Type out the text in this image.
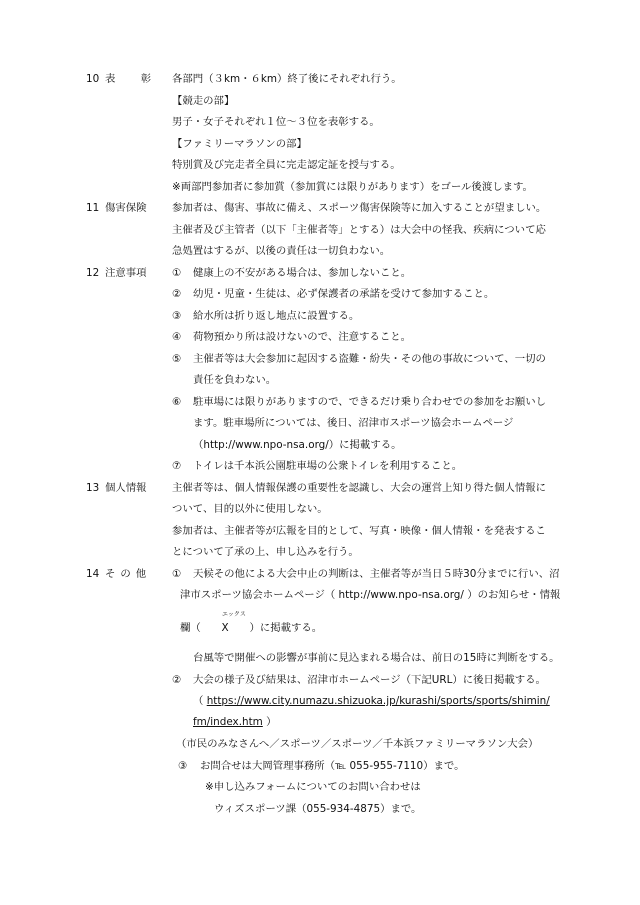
10 表 彰 各部門（３km・６km）終了後にそれぞれ行う。
【競走の部】
男子・女子それぞれ１位～３位を表彰する。
【ファミリーマラソンの部】
特別賞及び完走者全員に完走認定証を授与する。
※両部門参加者に参加賞（参加賞には限りがあります）をゴール後渡します。
11 傷害保険 参加者は、傷害、事故に備え、スポーツ傷害保険等に加入することが望ましい。
主催者及び主管者（以下「主催者等」とする）は大会中の怪我、疾病について応
急処置はするが、以後の責任は一切負わない。
12 注意事項 ① 健康上の不安がある場合は、参加しないこと。
② 幼児・児童・生徒は、必ず保護者の承諾を受けて参加すること。
③ 給水所は折り返し地点に設置する。
④ 荷物預かり所は設けないので、注意すること。
⑤ 主催者等は大会参加に起因する盗難・紛失・その他の事故について、一切の
責任を負わない。
⑥ 駐車場には限りがありますので、できるだけ乗り合わせでの参加をお願いし
ます。駐車場所については、後日、沼津市スポーツ協会ホームページ
（http://www.npo-nsa.org/）に掲載する。
⑦ トイレは千本浜公園駐車場の公衆トイレを利用すること。
13 個人情報 主催者等は、個人情報保護の重要性を認識し、大会の運営上知り得た個人情報に
ついて、目的以外に使用しない。
参加者は、主催者等が広報を目的として、写真・映像・個人情報・を発表するこ
とについて了承の上、申し込みを行う。
14 その他 ① 天候その他による大会中止の判断は、主催者等が当日５時30分までに行い、沼
津市スポーツ協会ホームページ（ http://www.npo-nsa.org/ ）のお知らせ・情報
エックス
欄（　　X　　）に掲載する。
台風等で開催への影響が事前に見込まれる場合は、前日の15時に判断をする。
② 大会の様子及び結果は、沼津市ホームページ（下記URL）に後日掲載する。
（ https://www.city.numazu.shizuoka.jp/kurashi/sports/sports/shimin/
fm/index.htm ）
（市民のみなさんへ／スポーツ／スポーツ／千本浜ファミリーマラソン大会）
③ お問合せは大岡管理事務所（℡ 055-955-7110）まで。
※申し込みフォームについてのお問い合わせは
ウィズスポーツ課（055-934-4875）まで。
